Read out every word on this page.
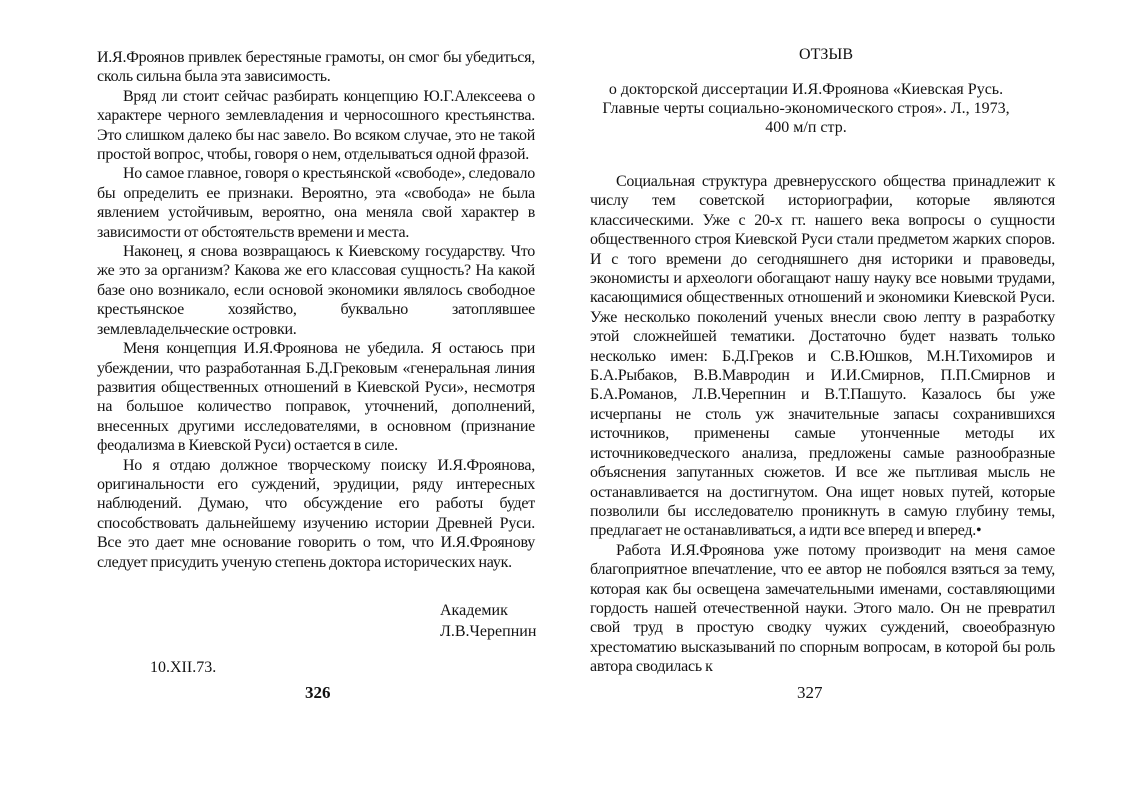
И.Я.Фроянов привлек берестяные грамоты, он смог бы убедиться, сколь сильна была эта зависимость.

Вряд ли стоит сейчас разбирать концепцию Ю.Г.Алексеева о характере черного землевладения и черносошного крестьянства. Это слишком далеко бы нас завело. Во всяком случае, это не такой простой вопрос, чтобы, говоря о нем, отделываться одной фразой.

Но самое главное, говоря о крестьянской «свободе», следовало бы определить ее признаки. Вероятно, эта «свобода» не была явлением устойчивым, вероятно, она меняла свой характер в зависимости от обстоятельств времени и места.

Наконец, я снова возвращаюсь к Киевскому государству. Что же это за организм? Какова же его классовая сущность? На какой базе оно возникало, если основой экономики являлось свободное крестьянское хозяйство, буквально затоплявшее землевладельческие островки.

Меня концепция И.Я.Фроянова не убедила. Я остаюсь при убеждении, что разработанная Б.Д.Грековым «генеральная линия развития общественных отношений в Киевской Руси», несмотря на большое количество поправок, уточнений, дополнений, внесенных другими исследователями, в основном (признание феодализма в Киевской Руси) остается в силе.

Но я отдаю должное творческому поиску И.Я.Фроянова, оригинальности его суждений, эрудиции, ряду интересных наблюдений. Думаю, что обсуждение его работы будет способствовать дальнейшему изучению истории Древней Руси. Все это дает мне основание говорить о том, что И.Я.Фроянову следует присудить ученую степень доктора исторических наук.

Академик
Л.В.Черепнин
10.XII.73.
326
ОТЗЫВ
о докторской диссертации И.Я.Фроянова «Киевская Русь.
Главные черты социально-экономического строя». Л., 1973,
400 м/п стр.

Социальная структура древнерусского общества принадлежит к числу тем советской историографии, которые являются классическими. Уже с 20-х гг. нашего века вопросы о сущности общественного строя Киевской Руси стали предметом жарких споров. И с того времени до сегодняшнего дня историки и правоведы, экономисты и археологи обогащают нашу науку все новыми трудами, касающимися общественных отношений и экономики Киевской Руси. Уже несколько поколений ученых внесли свою лепту в разработку этой сложнейшей тематики. Достаточно будет назвать только несколько имен: Б.Д.Греков и С.В.Юшков, М.Н.Тихомиров и Б.А.Рыбаков, В.В.Мавродин и И.И.Смирнов, П.П.Смирнов и Б.А.Романов, Л.В.Черепнин и В.Т.Пашуто. Казалось бы уже исчерпаны не столь уж значительные запасы сохранившихся источников, применены самые утонченные методы их источниковедческого анализа, предложены самые разнообразные объяснения запутанных сюжетов. И все же пытливая мысль не останавливается на достигнутом. Она ищет новых путей, которые позволили бы исследователю проникнуть в самую глубину темы, предлагает не останавливаться, а идти все вперед и вперед.•

Работа И.Я.Фроянова уже потому производит на меня самое благоприятное впечатление, что ее автор не побоялся взяться за тему, которая как бы освещена замечательными именами, составляющими гордость нашей отечественной науки. Этого мало. Он не превратил свой труд в простую сводку чужих суждений, своеобразную хрестоматию высказываний по спорным вопросам, в которой бы роль автора сводилась к

327
